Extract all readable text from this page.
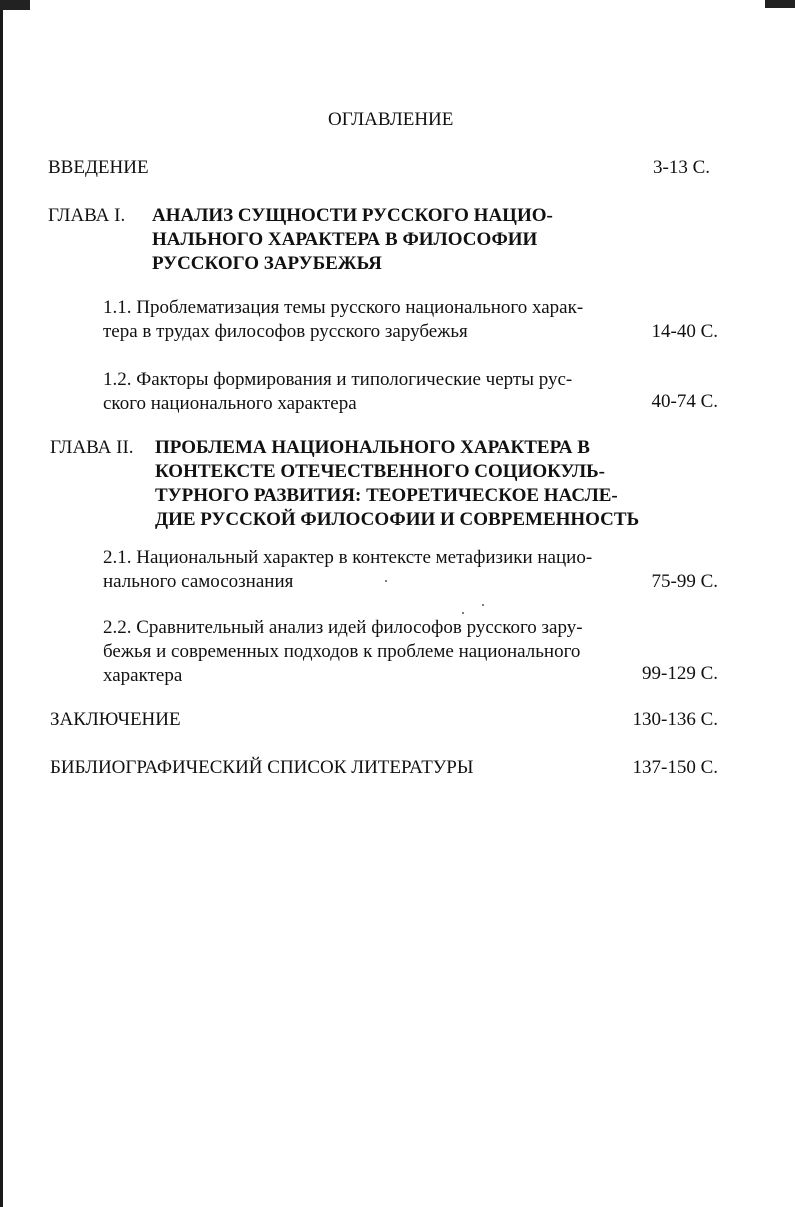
ОГЛАВЛЕНИЕ
ВВЕДЕНИЕ	3-13 С.
ГЛАВА I. АНАЛИЗ СУЩНОСТИ РУССКОГО НАЦИО-
НАЛЬНОГО ХАРАКТЕРА В ФИЛОСОФИИ
РУССКОГО ЗАРУБЕЖЬЯ
1.1. Проблематизация темы русского национального харак-
тера в трудах философов русского зарубежья	14-40 С.
1.2. Факторы формирования и типологические черты рус-
ского национального характера	40-74 С.
ГЛАВА II. ПРОБЛЕМА НАЦИОНАЛЬНОГО ХАРАКТЕРА В
КОНТЕКСТЕ ОТЕЧЕСТВЕННОГО СОЦИОКУЛЬ-
ТУРНОГО РАЗВИТИЯ: ТЕОРЕТИЧЕСКОЕ НАСЛЕ-
ДИЕ РУССКОЙ ФИЛОСОФИИ И СОВРЕМЕННОСТЬ
2.1. Национальный характер в контексте метафизики нацио-
нального самосознания	75-99 С.
2.2. Сравнительный анализ идей философов русского зару-
бежья и современных подходов к проблеме национального
характера	99-129 С.
ЗАКЛЮЧЕНИЕ	130-136 С.
БИБЛИОГРАФИЧЕСКИЙ СПИСОК ЛИТЕРАТУРЫ	137-150 С.
